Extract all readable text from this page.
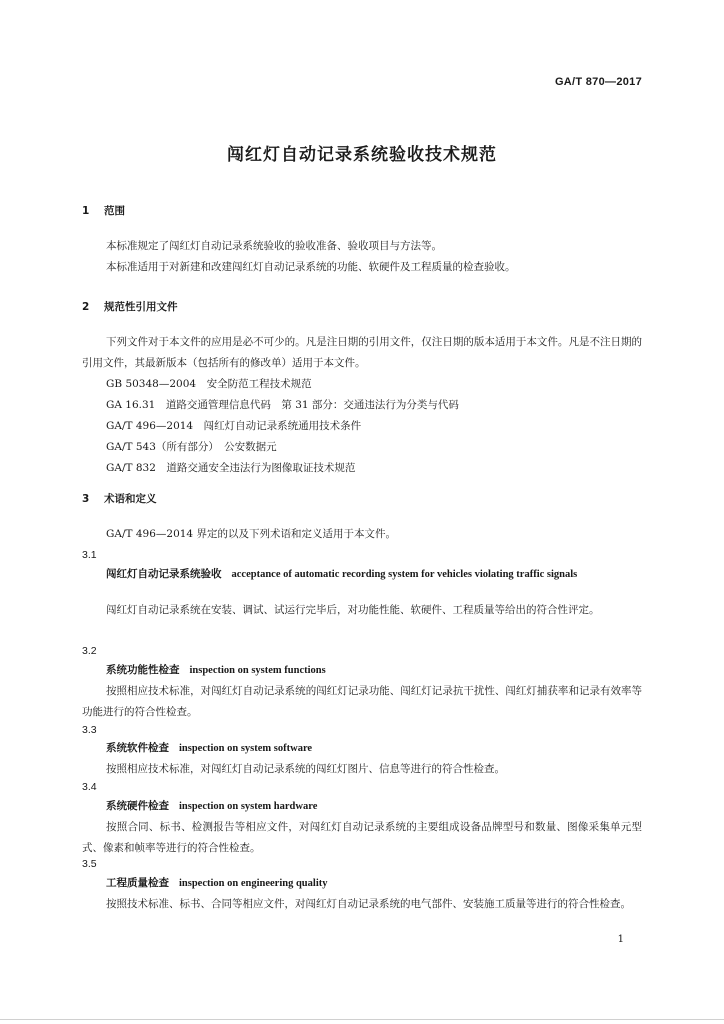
GA/T 870—2017
闯红灯自动记录系统验收技术规范
1 范围
本标准规定了闯红灯自动记录系统验收的验收准备、验收项目与方法等。
本标准适用于对新建和改建闯红灯自动记录系统的功能、软硬件及工程质量的检查验收。
2 规范性引用文件
下列文件对于本文件的应用是必不可少的。凡是注日期的引用文件，仅注日期的版本适用于本文件。凡是不注日期的引用文件，其最新版本（包括所有的修改单）适用于本文件。
GB 50348—2004　安全防范工程技术规范
GA 16.31　道路交通管理信息代码　第 31 部分：交通违法行为分类与代码
GA/T 496—2014　闯红灯自动记录系统通用技术条件
GA/T 543（所有部分）　公安数据元
GA/T 832　道路交通安全违法行为图像取证技术规范
3 术语和定义
GA/T 496—2014 界定的以及下列术语和定义适用于本文件。
3.1
闯红灯自动记录系统验收 acceptance of automatic recording system for vehicles violating traffic signals
闯红灯自动记录系统在安装、调试、试运行完毕后，对功能性能、软硬件、工程质量等给出的符合性评定。
3.2
系统功能性检查 inspection on system functions
按照相应技术标准，对闯红灯自动记录系统的闯红灯记录功能、闯红灯记录抗干扰性、闯红灯捕获率和记录有效率等功能进行的符合性检查。
3.3
系统软件检查 inspection on system software
按照相应技术标准，对闯红灯自动记录系统的闯红灯图片、信息等进行的符合性检查。
3.4
系统硬件检查 inspection on system hardware
按照合同、标书、检测报告等相应文件，对闯红灯自动记录系统的主要组成设备品牌型号和数量、图像采集单元型式、像素和帧率等进行的符合性检查。
3.5
工程质量检查 inspection on engineering quality
按照技术标准、标书、合同等相应文件，对闯红灯自动记录系统的电气部件、安装施工质量等进行的符合性检查。
1
